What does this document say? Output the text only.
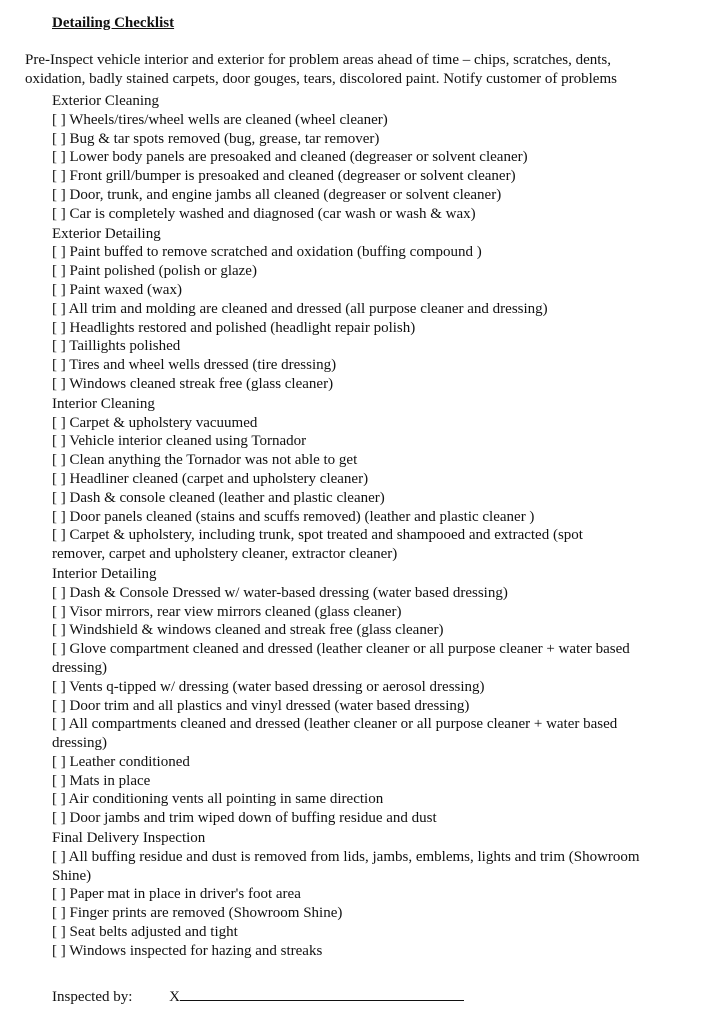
Detailing Checklist
Pre-Inspect vehicle interior and exterior for problem areas ahead of time – chips, scratches, dents,
oxidation, badly stained carpets, door gouges, tears, discolored paint. Notify customer of problems
Exterior Cleaning
[ ] Wheels/tires/wheel wells are cleaned (wheel cleaner)
[ ] Bug & tar spots removed (bug, grease, tar remover)
[ ] Lower body panels are presoaked and cleaned (degreaser or solvent cleaner)
[ ] Front grill/bumper is presoaked and cleaned (degreaser or solvent cleaner)
[ ] Door, trunk, and engine jambs all cleaned (degreaser or solvent cleaner)
[ ] Car is completely washed and diagnosed (car wash or wash & wax)
Exterior Detailing
[ ] Paint buffed to remove scratched and oxidation (buffing compound )
[ ] Paint polished (polish or glaze)
[ ] Paint waxed (wax)
[ ] All trim and molding are cleaned and dressed (all purpose cleaner and dressing)
[ ] Headlights restored and polished (headlight repair polish)
[ ] Taillights polished
[ ] Tires and wheel wells dressed (tire dressing)
[ ] Windows cleaned streak free (glass cleaner)
Interior Cleaning
[ ] Carpet & upholstery vacuumed
[ ] Vehicle interior cleaned using Tornador
[ ] Clean anything the Tornador was not able to get
[ ] Headliner cleaned (carpet and upholstery cleaner)
[ ] Dash & console cleaned (leather and plastic cleaner)
[ ] Door panels cleaned (stains and scuffs removed) (leather and plastic cleaner )
[ ] Carpet & upholstery, including trunk, spot treated and shampooed and extracted (spot
remover, carpet and upholstery cleaner, extractor cleaner)
Interior Detailing
[ ] Dash & Console Dressed w/ water-based dressing (water based dressing)
[ ] Visor mirrors, rear view mirrors cleaned (glass cleaner)
[ ] Windshield & windows cleaned and streak free (glass cleaner)
[ ] Glove compartment cleaned and dressed (leather cleaner or all purpose cleaner + water based
dressing)
[ ] Vents q-tipped w/ dressing (water based dressing or aerosol dressing)
[ ] Door trim and all plastics and vinyl dressed (water based dressing)
[ ] All compartments cleaned and dressed (leather cleaner or all purpose cleaner + water based
dressing)
[ ] Leather conditioned
[ ] Mats in place
[ ] Air conditioning vents all pointing in same direction
[ ] Door jambs and trim wiped down of buffing residue and dust
Final Delivery Inspection
[ ] All buffing residue and dust is removed from lids, jambs, emblems, lights and trim (Showroom
Shine)
[ ] Paper mat in place in driver's foot area
[ ] Finger prints are removed (Showroom Shine)
[ ] Seat belts adjusted and tight
[ ] Windows inspected for hazing and streaks
Inspected by: X
